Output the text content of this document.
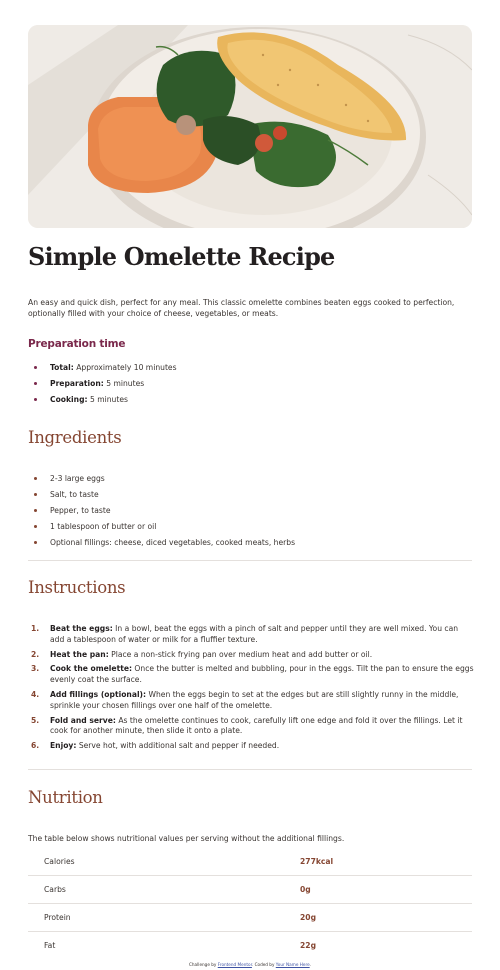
Simple Omelette Recipe

An easy and quick dish, perfect for any meal. This classic omelette combines beaten eggs cooked to perfection, optionally filled with your choice of cheese, vegetables, or meats.

Preparation time
Total: Approximately 10 minutes
Preparation: 5 minutes
Cooking: 5 minutes
Ingredients
2-3 large eggs
Salt, to taste
Pepper, to taste
1 tablespoon of butter or oil
Optional fillings: cheese, diced vegetables, cooked meats, herbs
Instructions
1. Beat the eggs: In a bowl, beat the eggs with a pinch of salt and pepper until they are well mixed. You can add a tablespoon of water or milk for a fluffier texture.
2. Heat the pan: Place a non-stick frying pan over medium heat and add butter or oil.
3. Cook the omelette: Once the butter is melted and bubbling, pour in the eggs. Tilt the pan to ensure the eggs evenly coat the surface.
4. Add fillings (optional): When the eggs begin to set at the edges but are still slightly runny in the middle, sprinkle your chosen fillings over one half of the omelette.
5. Fold and serve: As the omelette continues to cook, carefully lift one edge and fold it over the fillings. Let it cook for another minute, then slide it onto a plate.
6. Enjoy: Serve hot, with additional salt and pepper if needed.
Nutrition

The table below shows nutritional values per serving without the additional fillings.

Calories	277kcal
Carbs	0g
Protein	20g
Fat	22g
Challenge by Frontend Mentor. Coded by Your Name Here.
